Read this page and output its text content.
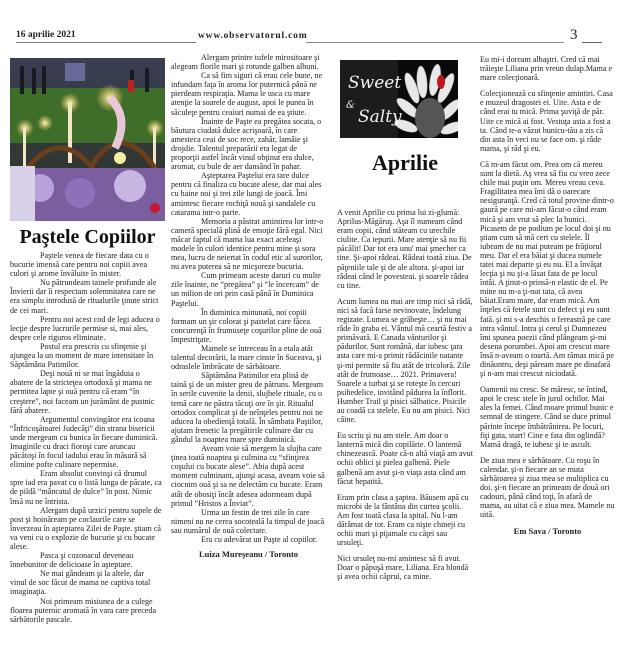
16 aprilie 2021	www.observatorul.com	3
Paştele Copiilor

Paştele venea de fiecare data cu o bucurie imensă care pentru noi copiii avea culori şi arome învăluite în mister.

Nu pătrundeam tainele profunde ale Învierii dar îi respectam solemnitatea care ne era simplu introdusă de ritualurile ţinute strict de cei mari.

Pentru noi acest cod de legi aducea o lecţie despre lucrurile permise si, mai ales, despre cele riguros eliminate.

Postul era prescris cu sfinţenie şi ajungea la un moment de mare intensitate în Săptămâna Patimilor.

Deşi nouă ni se mai îngăduia o abatere de la stricteţea ortodoxă şi mama ne permitea lapte şi ouă pentru că eram “în creştere”, noi faceam un jurământ de pustnic fără abatere.

Argumentul convingător era icoana “Înfricoşătoarei Judecăţi” din strana bisericii unde mergeam cu bunica în fiecare duminică. Imaginile cu draci fioroşi care aruncau păcătoşi în focul iadului erau în măsură să elimine pofte culinare nepermise.

Eram absolut convinşi că drumul spre iad era pavat cu o listă lunga de păcate, ca de pildă “mâncatul de dulce” în post. Nimic însă nu ne întrista.

Alergam după urzici pentru supele de post şi hoinăream pe coclaurile care se înverzeau în aşteptarea Zilei de Paşte. ştiam că va veni cu o explozie de bucurie şi cu bucate alese.

Pasca şi cozonacul deveneau înnebunitor de delicioase în aşteptare.

Ne mai gândeam şi la altele, dar vinul de soc făcut de mama ne captiva total imaginaţia.

Noi primeam misiunea de a culege floarea puternic aromată în vara care preceda sărbătorile pascale.

Alergam printre tufele mirositoare şi alegeam florile mari şi rotunde galben albuni.

Ca să fim siguri că erau cele bune, ne infundam faţa în aroma lor puternică până ne pierdeam respiraţia. Mama le usca cu mare atenţie la soarele de august, apoi le punea în săculeţe pentru ceaiuri numai de ea ştiute.

Înainte de Paşte ea pregătea socata, o băutura ciudată dulce acrişoară, în care amesteca ceai de soc rece, zahăr, lamâie şi drojdie. Talentul preparării era legat de proporţii astfel încât vinul obţinut era dulce, aromat, cu bule de aer dansând în pahar.

Aşteptarea Paştelui era tare dulce pentru că finaliza cu bucate alese, dar mai ales cu haine noi şi trei zile lungi de joacă. Îmi amintesc fiecare rochiţă nouă şi sandalele cu catarama intr-o parte.

Memoria a păstrat amintirea lor intr-o cameră specială plină de emoţie fără egal. Nici măcar faptul că mama lua exact aceleaşi modele în culori identice pentru mine şi sora mea, lucru de neiertat în codul etic al surorilor, nu avea puterea să ne micşoreze bucuria.

Cum primeam aceste daruri cu multe zile înainte, ne “pregătea” şi “le încercam” de un milion de ori prin casă până în Duminica Paştelui.

În duminica minunată, noi copiii formam un şir colorat şi pastelat care făcea concurenţă în frumuseţe coşurilor pline de ouă împestriţate.

Mamele se întreceau în a etala atât talentul decorării, la mare cinste în Suceava, şi odraslele îmbrăcate de sărbătoare.

Săptămâna Patimilor era plină de taină şi de un mister greu de pătruns. Mergeam în serile cuvenite la denii, slujbele rituale, cu o temă care ne păstra tăcuţi ore în şir. Ritualul ortodox complicat şi de neînţeles pentru noi ne aducea la obedienţă totală. În sâmbata Paştilor, ajutam frenetic la pregătirile culinare dar cu gândul la noaptea mare spre duminică.

Aveam voie să mergem la slujba care ţinea toată noaptea şi culmina cu “sfinţirea coşului cu bucate alese”. Abia după acest moment culminant, ajunşi acasa, aveam voie să ciocnim ouă şi sa ne delectăm cu bucate. Eram atât de obosiţi încât adesea adormeam după primul “Hristos a Înviat”.

Urma un festin de trei zile în care nimeni nu ne cerea socoteală la timpul de joacă sau numărul de ouă colectate.

Era cu adevărat un Paşte al copiilor.

Luiza Mureşeanu / Toronto
Sweet
&
Salty
Aprilie

A venit Aprilie cu prima lui zi-glumă: Aprilus-Măgăruş. Aşa îl numeam când eram copii, când stăteam cu urechile ciulite. Ca iepurii. Mare atenţie să nu fii păcălit! Dar tot era unu' mai şmecher ca tine. Şi-apoi râdeai. Râdeai toată ziua. De păţeniile tale şi de ale altora. şi-apoi iar râdeai când le povesteai. şi soarele râdea cu tine.

Acum lumea nu mai are timp nici să râdă, nici să facă farse nevinovate, îndelung regizate. Lumea se grăbeşte… şi nu mai râde în graba ei. Vântul mă ceartă festiv a primăvară. E Canada vânturilor şi pădurilor. Sunt română, dar iubesc ţara asta care mi-a primit rădăcinile natante şi-mi permite să fiu atât de tricoloră. Zile atât de frumoase… 2021. Primavera! Soarele a turbat şi se roteşte în cercuri psihedelice, invitând pădurea la înflorit. Humber Trail şi pisici sălbatice. Pisicile au coadă ca stelele. Eu nu am pisici. Nici câine.

Eu scriu şi nu am stele. Am doar o lanternă mică din copilărie. O lanternă chinezească. Poate că-n altă viaţă am avut ochii oblici şi pielea galbenă. Piele galbenă am avut şi-n viaţa asta când am făcut hepatită.

Eram prin clasa a şaptea. Băusem apă cu microbi de la fântâna din curtea şcolii. Am fost toată clasa la spital. Nu l-am dărâmat de tot. Eram ca nişte chineji cu ochii mari şi pijamale cu căţei sau ursuleţi.

Nici ursuleţ nu-mi amintesc să fi avut. Doar o păpuşă mare, Liliana. Era blondă şi avea ochii căprui, ca mine.

Eu mi-i doream albaştri. Cred că mai trăieşte Liliana prin vreun dulap.Mama e mare colecţionară.

Colecţionează cu sfinţenie amintiri. Casa e muzeul dragostei ei. Uite. Asta e de când erai tu mică. Prima şuviţă de păr. Uite ce mică ai fost. Vestuţa asta a fost a ta. Când te-a văzut bunicu-tău a zis că din asta în veci nu se face om. şi râde mama, şi râd şi eu.

Că m-am făcut om. Prea om că mereu sunt la dietă. Aş vrea să fiu cu vreo zece chile mai puţin om. Mereu vreau ceva. Fragilitatea mea îmi dă o oarecare nesiguranţă. Cred că totul provine dintr-o gaură pe care mi-am făcut-o când eram mică şi am vrut să plec la bunici. Picasem de pe podium pe locul doi şi nu ştiam cum să mă cert cu stelele. Îl iubeam de nu mai puteam pe frăţiorul meu. Dar el era băiat şi ducea numele tatei mai departe şi eu nu. El a învăţat lecţia şi nu şi-a lăsat fata de pe locul întâi. A ţinut-o prinsă-n elastic de el. Pe mine nu m-a ţi-nut tata, că avea băiat.Eram mare, dar eram mică. Am înţeles că fetele sunt cu defect şi eu sunt fată. şi mi s-a deschis o fereastră pe care intra vântul. Intra şi cerul şi Dumnezeu îmi spunea poezii când plângeam şi-mi desena porumbei. Apoi am crescut mare însă n-aveam o toartă. Am rămas mică pe dinăuntru, deşi păream mare pe dinafară şi n-am mai crescut niciodată.

Oamenii nu cresc. Se măresc, se întind, apoi le cresc stele în jurul ochilor. Mai ales la femei. Când moare primul bunic e semnal de stingere. Când se duce primul părinte începe îmbătrânirea. Pe locuri, fiţi gata, start! Cine e fata din oglindă? Mamă dragă, te iubesc şi te ascult.

De ziua mea e sărbătoare. Cu roşu în calendar. şi-n fiecare an se muta sărbătoarea şi ziua mea se multiplica cu doi. şi-n fiecare an primeam de două ori cadouri, până când toţi, în afară de mama, au uitat că e ziua mea. Mamele nu uită.

Em Sava / Toronto
